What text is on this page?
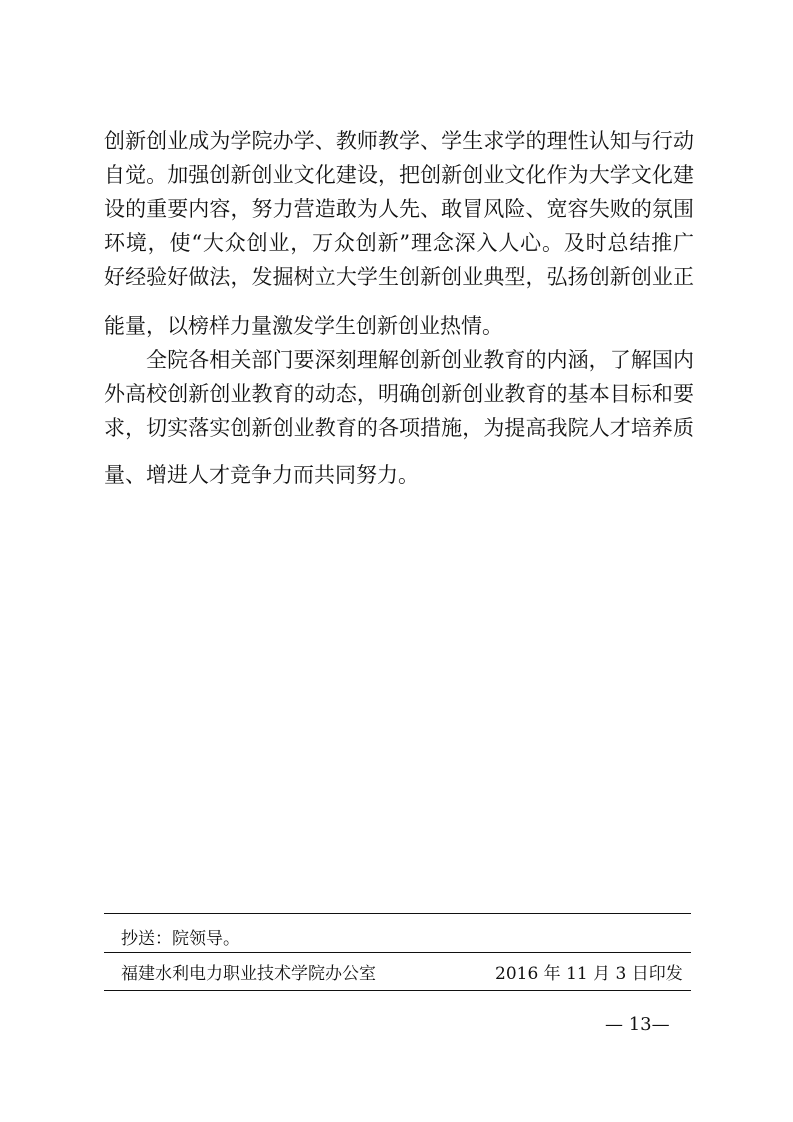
创新创业成为学院办学、教师教学、学生求学的理性认知与行动
自觉。加强创新创业文化建设，把创新创业文化作为大学文化建
设的重要内容，努力营造敢为人先、敢冒风险、宽容失败的氛围
环境，使“大众创业，万众创新”理念深入人心。及时总结推广
好经验好做法，发掘树立大学生创新创业典型，弘扬创新创业正
能量，以榜样力量激发学生创新创业热情。
全院各相关部门要深刻理解创新创业教育的内涵，了解国内
外高校创新创业教育的动态，明确创新创业教育的基本目标和要
求，切实落实创新创业教育的各项措施，为提高我院人才培养质
量、增进人才竞争力而共同努力。
抄送：院领导。
福建水利电力职业技术学院办公室	2016 年 11 月 3 日印发
— 13—
